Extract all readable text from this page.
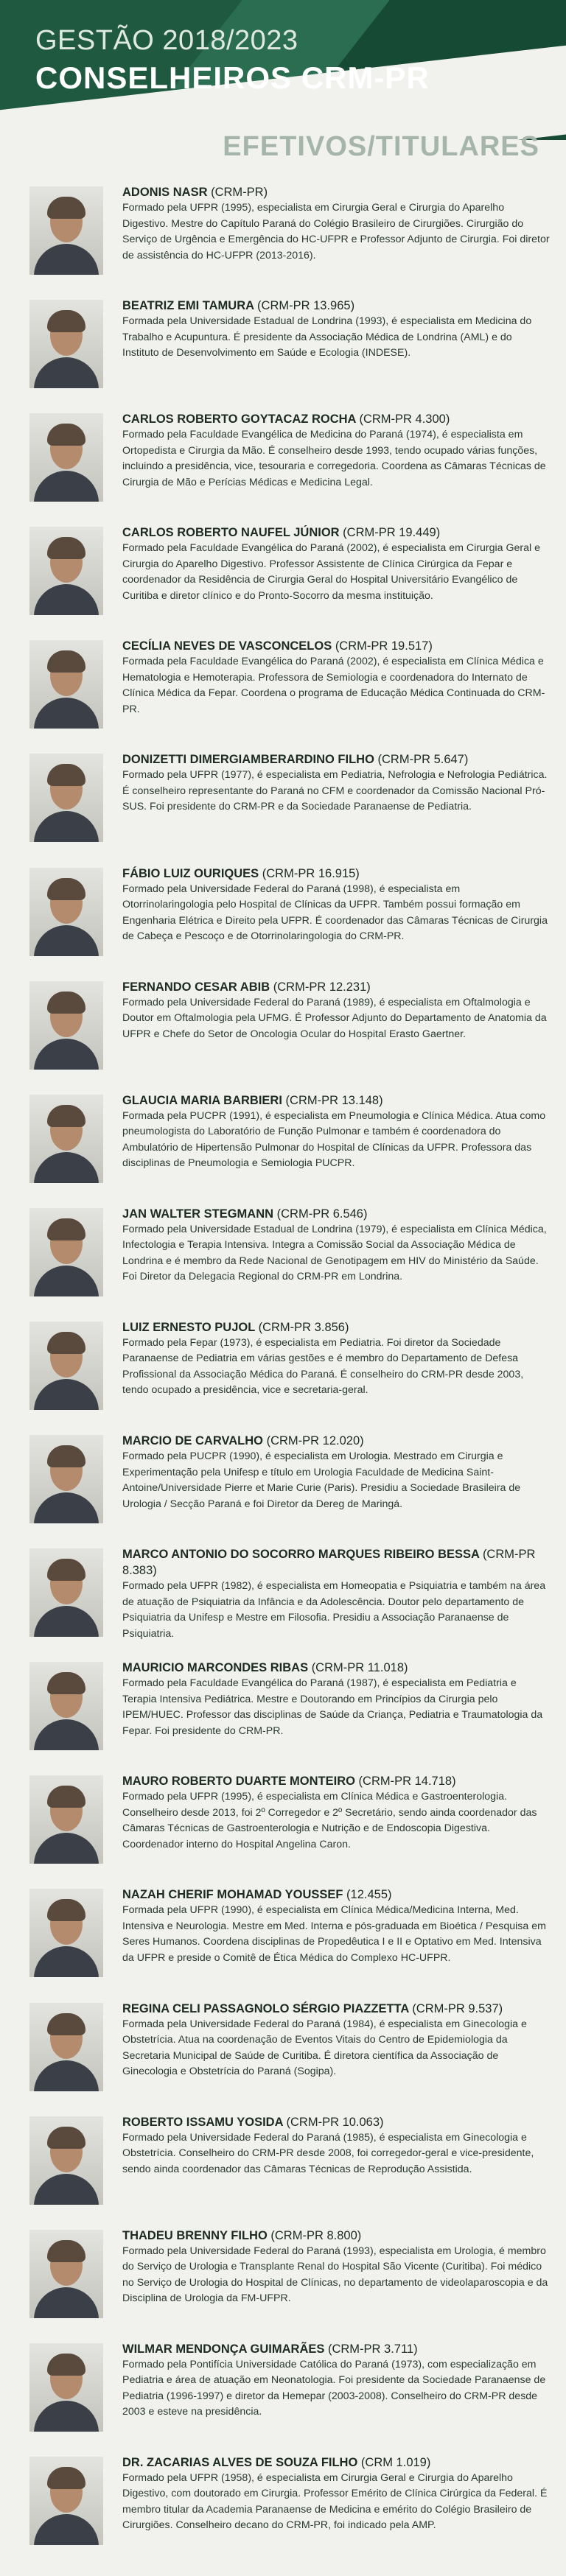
GESTÃO 2018/2023
CONSELHEIROS CRM-PR
EFETIVOS/TITULARES
ADONIS NASR (CRM-PR)
Formado pela UFPR (1995), especialista em Cirurgia Geral e Cirurgia do Aparelho Digestivo. Mestre do Capítulo Paraná do Colégio Brasileiro de Cirurgiões. Cirurgião do Serviço de Urgência e Emergência do HC-UFPR e Professor Adjunto de Cirurgia. Foi diretor de assistência do HC-UFPR (2013-2016).
BEATRIZ EMI TAMURA (CRM-PR 13.965)
Formada pela Universidade Estadual de Londrina (1993), é especialista em Medicina do Trabalho e Acupuntura. É presidente da Associação Médica de Londrina (AML) e do Instituto de Desenvolvimento em Saúde e Ecologia (INDESE).
CARLOS ROBERTO GOYTACAZ ROCHA (CRM-PR 4.300)
Formado pela Faculdade Evangélica de Medicina do Paraná (1974), é especialista em Ortopedista e Cirurgia da Mão. É conselheiro desde 1993, tendo ocupado várias funções, incluindo a presidência, vice, tesouraria e corregedoria. Coordena as Câmaras Técnicas de Cirurgia de Mão e Perícias Médicas e Medicina Legal.
CARLOS ROBERTO NAUFEL JÚNIOR (CRM-PR 19.449)
Formado pela Faculdade Evangélica do Paraná (2002), é especialista em Cirurgia Geral e Cirurgia do Aparelho Digestivo. Professor Assistente de Clínica Cirúrgica da Fepar e coordenador da Residência de Cirurgia Geral do Hospital Universitário Evangélico de Curitiba e diretor clínico e do Pronto-Socorro da mesma instituição.
CECÍLIA NEVES DE VASCONCELOS (CRM-PR 19.517)
Formada pela Faculdade Evangélica do Paraná (2002), é especialista em Clínica Médica e Hematologia e Hemoterapia. Professora de Semiologia e coordenadora do Internato de Clínica Médica da Fepar. Coordena o programa de Educação Médica Continuada do CRM-PR.
DONIZETTI DIMERGIAMBERARDINO FILHO (CRM-PR 5.647)
Formado pela UFPR (1977), é especialista em Pediatria, Nefrologia e Nefrologia Pediátrica. É conselheiro representante do Paraná no CFM e coordenador da Comissão Nacional Pró-SUS. Foi presidente do CRM-PR e da Sociedade Paranaense de Pediatria.
FÁBIO LUIZ OURIQUES (CRM-PR 16.915)
Formado pela Universidade Federal do Paraná (1998), é especialista em Otorrinolaringologia pelo Hospital de Clínicas da UFPR. Também possui formação em Engenharia Elétrica e Direito pela UFPR. É coordenador das Câmaras Técnicas de Cirurgia de Cabeça e Pescoço e de Otorrinolaringologia do CRM-PR.
FERNANDO CESAR ABIB (CRM-PR 12.231)
Formado pela Universidade Federal do Paraná (1989), é especialista em Oftalmologia e Doutor em Oftalmologia pela UFMG. É Professor Adjunto do Departamento de Anatomia da UFPR e Chefe do Setor de Oncologia Ocular do Hospital Erasto Gaertner.
GLAUCIA MARIA BARBIERI (CRM-PR 13.148)
Formada pela PUCPR (1991), é especialista em Pneumologia e Clínica Médica. Atua como pneumologista do Laboratório de Função Pulmonar e também é coordenadora do Ambulatório de Hipertensão Pulmonar do Hospital de Clínicas da UFPR. Professora das disciplinas de Pneumologia e Semiologia PUCPR.
JAN WALTER STEGMANN (CRM-PR 6.546)
Formado pela Universidade Estadual de Londrina (1979), é especialista em Clínica Médica, Infectologia e Terapia Intensiva. Integra a Comissão Social da Associação Médica de Londrina e é membro da Rede Nacional de Genotipagem em HIV do Ministério da Saúde. Foi Diretor da Delegacia Regional do CRM-PR em Londrina.
LUIZ ERNESTO PUJOL (CRM-PR 3.856)
Formado pela Fepar (1973), é especialista em Pediatria. Foi diretor da Sociedade Paranaense de Pediatria em várias gestões e é membro do Departamento de Defesa Profissional da Associação Médica do Paraná. É conselheiro do CRM-PR desde 2003, tendo ocupado a presidência, vice e secretaria-geral.
MARCIO DE CARVALHO (CRM-PR 12.020)
Formado pela PUCPR (1990), é especialista em Urologia. Mestrado em Cirurgia e Experimentação pela Unifesp e título em Urologia Faculdade de Medicina Saint-Antoine/Universidade Pierre et Marie Curie (Paris). Presidiu a Sociedade Brasileira de Urologia / Secção Paraná e foi Diretor da Dereg de Maringá.
MARCO ANTONIO DO SOCORRO MARQUES RIBEIRO BESSA (CRM-PR 8.383)
Formado pela UFPR (1982), é especialista em Homeopatia e Psiquiatria e também na área de atuação de Psiquiatria da Infância e da Adolescência. Doutor pelo departamento de Psiquiatria da Unifesp e Mestre em Filosofia. Presidiu a Associação Paranaense de Psiquiatria.
MAURICIO MARCONDES RIBAS (CRM-PR 11.018)
Formado pela Faculdade Evangélica do Paraná (1987), é especialista em Pediatria e Terapia Intensiva Pediátrica. Mestre e Doutorando em Princípios da Cirurgia pelo IPEM/HUEC. Professor das disciplinas de Saúde da Criança, Pediatria e Traumatologia da Fepar. Foi presidente do CRM-PR.
MAURO ROBERTO DUARTE MONTEIRO (CRM-PR 14.718)
Formado pela UFPR (1995), é especialista em Clínica Médica e Gastroenterologia. Conselheiro desde 2013, foi 2º Corregedor e 2º Secretário, sendo ainda coordenador das Câmaras Técnicas de Gastroenterologia e Nutrição e de Endoscopia Digestiva. Coordenador interno do Hospital Angelina Caron.
NAZAH CHERIF MOHAMAD YOUSSEF (12.455)
Formada pela UFPR (1990), é especialista em Clínica Médica/Medicina Interna, Med. Intensiva e Neurologia. Mestre em Med. Interna e pós-graduada em Bioética / Pesquisa em Seres Humanos. Coordena disciplinas de Propedêutica I e II e Optativo em Med. Intensiva da UFPR e preside o Comitê de Ética Médica do Complexo HC-UFPR.
REGINA CELI PASSAGNOLO SÉRGIO PIAZZETTA (CRM-PR 9.537)
Formada pela Universidade Federal do Paraná (1984), é especialista em Ginecologia e Obstetrícia. Atua na coordenação de Eventos Vitais do Centro de Epidemiologia da Secretaria Municipal de Saúde de Curitiba. É diretora científica da Associação de Ginecologia e Obstetrícia do Paraná (Sogipa).
ROBERTO ISSAMU YOSIDA (CRM-PR 10.063)
Formado pela Universidade Federal do Paraná (1985), é especialista em Ginecologia e Obstetrícia. Conselheiro do CRM-PR desde 2008, foi corregedor-geral e vice-presidente, sendo ainda coordenador das Câmaras Técnicas de Reprodução Assistida.
THADEU BRENNY FILHO (CRM-PR 8.800)
Formado pela Universidade Federal do Paraná (1993), especialista em Urologia, é membro do Serviço de Urologia e Transplante Renal do Hospital São Vicente (Curitiba). Foi médico no Serviço de Urologia do Hospital de Clínicas, no departamento de videolaparoscopia e da Disciplina de Urologia da FM-UFPR.
WILMAR MENDONÇA GUIMARÃES (CRM-PR 3.711)
Formado pela Pontifícia Universidade Católica do Paraná (1973), com especialização em Pediatria e área de atuação em Neonatologia. Foi presidente da Sociedade Paranaense de Pediatria (1996-1997) e diretor da Hemepar (2003-2008). Conselheiro do CRM-PR desde 2003 e esteve na presidência.
DR. ZACARIAS ALVES DE SOUZA FILHO (CRM 1.019)
Formado pela UFPR (1958), é especialista em Cirurgia Geral e Cirurgia do Aparelho Digestivo, com doutorado em Cirurgia. Professor Emérito de Clínica Cirúrgica da Federal. É membro titular da Academia Paranaense de Medicina e emérito do Colégio Brasileiro de Cirurgiões. Conselheiro decano do CRM-PR, foi indicado pela AMP.
